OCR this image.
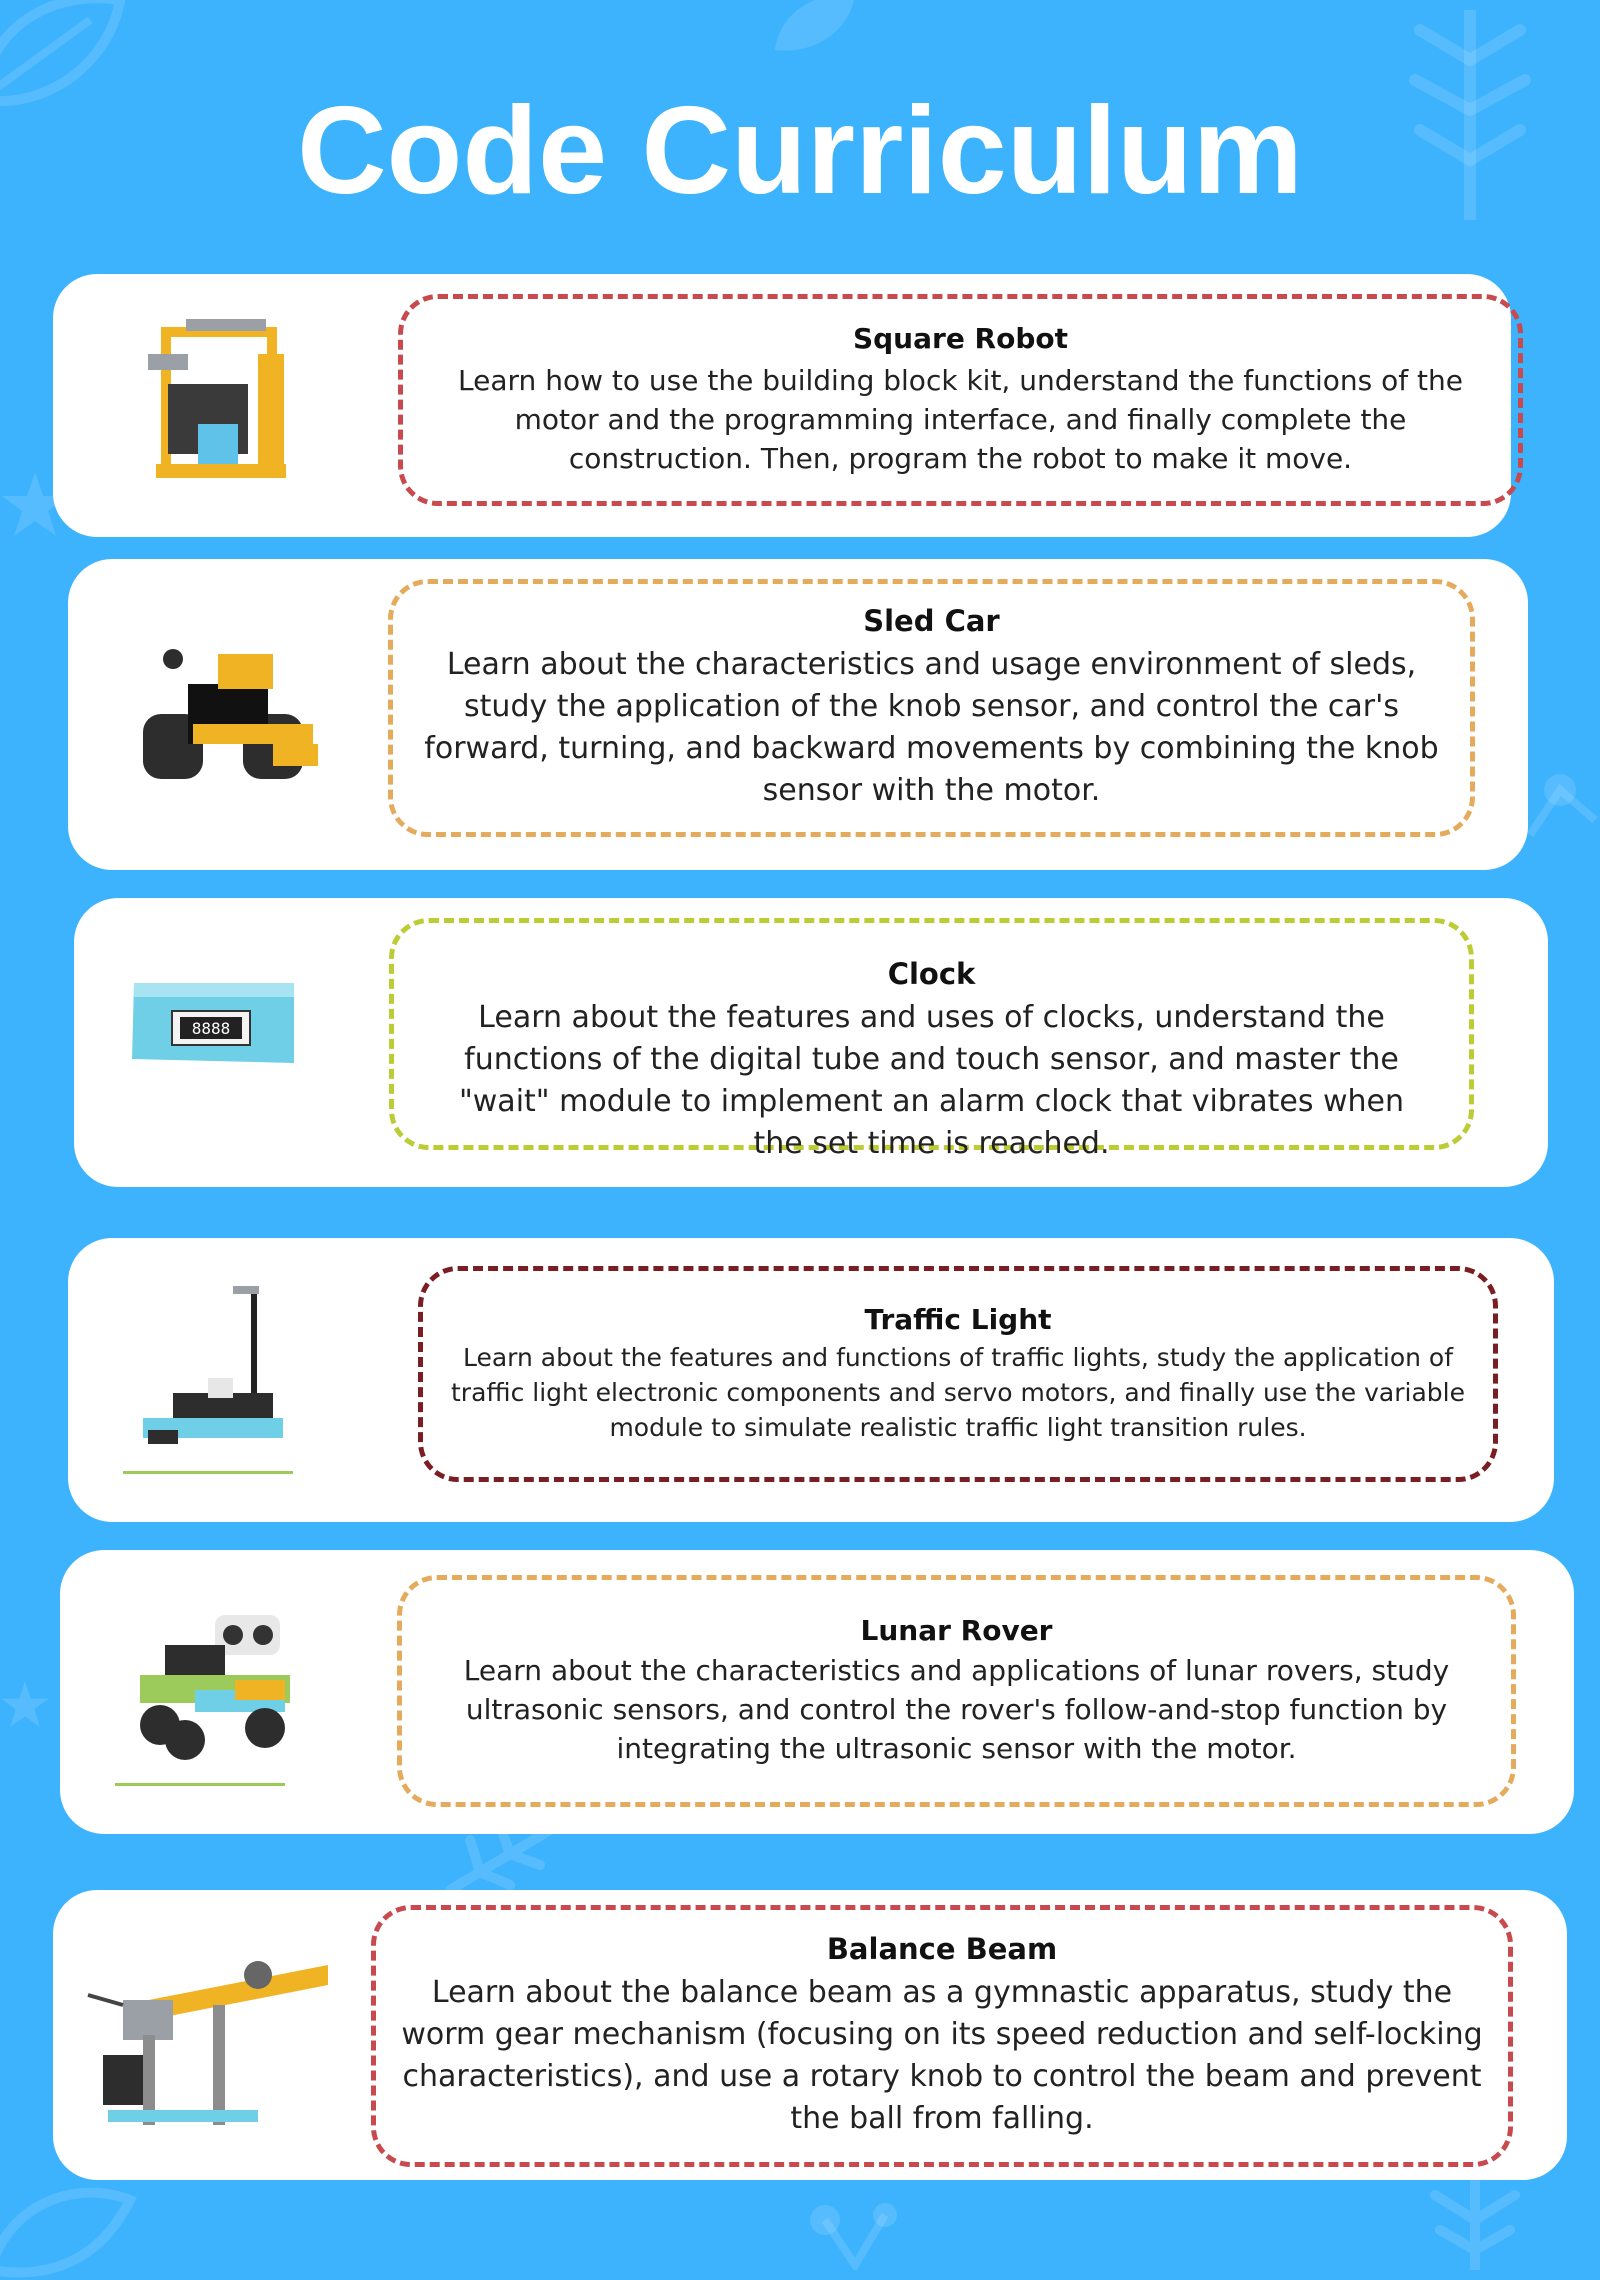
Code Curriculum
Square Robot
Learn how to use the building block kit, understand the functions of the motor and the programming interface, and finally complete the construction. Then, program the robot to make it move.
Sled Car
Learn about the characteristics and usage environment of sleds, study the application of the knob sensor, and control the car's forward, turning, and backward movements by combining the knob sensor with the motor.
8888
Clock
Learn about the features and uses of clocks, understand the functions of the digital tube and touch sensor, and master the "wait" module to implement an alarm clock that vibrates when the set time is reached.
Traffic Light
Learn about the features and functions of traffic lights, study the application of traffic light electronic components and servo motors, and finally use the variable module to simulate realistic traffic light transition rules.
Lunar Rover
Learn about the characteristics and applications of lunar rovers, study ultrasonic sensors, and control the rover's follow-and-stop function by integrating the ultrasonic sensor with the motor.
Balance Beam
Learn about the balance beam as a gymnastic apparatus, study the worm gear mechanism (focusing on its speed reduction and self-locking characteristics), and use a rotary knob to control the beam and prevent the ball from falling.
